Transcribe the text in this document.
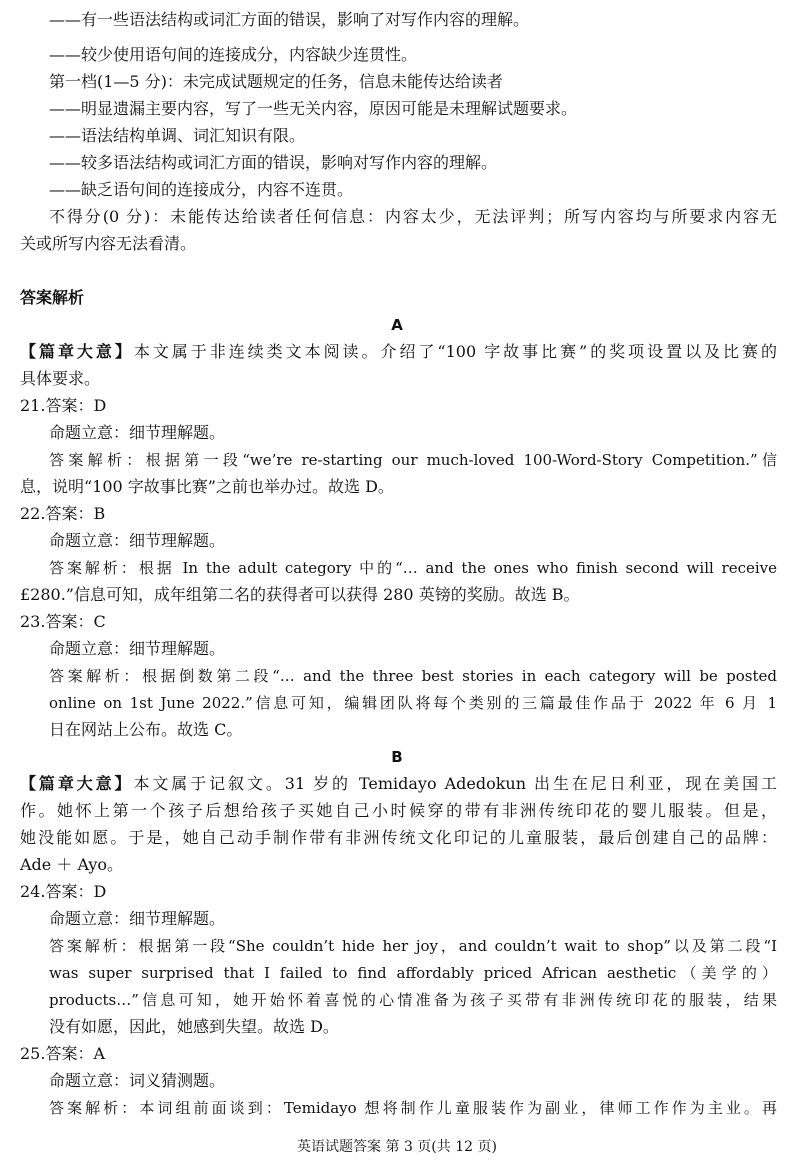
——有一些语法结构或词汇方面的错误，影响了对写作内容的理解。
——较少使用语句间的连接成分，内容缺少连贯性。
第一档(1—5 分)：未完成试题规定的任务，信息未能传达给读者
——明显遗漏主要内容，写了一些无关内容，原因可能是未理解试题要求。
——语法结构单调、词汇知识有限。
——较多语法结构或词汇方面的错误，影响对写作内容的理解。
——缺乏语句间的连接成分，内容不连贯。
不得分(0 分)：未能传达给读者任何信息：内容太少，无法评判；所写内容均与所要求内容无
关或所写内容无法看清。
答案解析
A
【篇章大意】本文属于非连续类文本阅读。介绍了“100 字故事比赛”的奖项设置以及比赛的
具体要求。
21.答案：D
命题立意：细节理解题。
答案解析：根据第一段“we’re re-starting our much-loved 100-Word-Story Competition.”信
息，说明“100 字故事比赛”之前也举办过。故选 D。
22.答案：B
命题立意：细节理解题。
答案解析：根据 In the adult category 中的“… and the ones who finish second will receive
£280.”信息可知，成年组第二名的获得者可以获得 280 英镑的奖励。故选 B。
23.答案：C
命题立意：细节理解题。
答案解析：根据倒数第二段“… and the three best stories in each category will be posted
online on 1st June 2022.”信息可知，编辑团队将每个类别的三篇最佳作品于 2022 年 6 月 1
日在网站上公布。故选 C。
B
【篇章大意】本文属于记叙文。31 岁的 Temidayo Adedokun 出生在尼日利亚，现在美国工
作。她怀上第一个孩子后想给孩子买她自己小时候穿的带有非洲传统印花的婴儿服装。但是，
她没能如愿。于是，她自己动手制作带有非洲传统文化印记的儿童服装，最后创建自己的品牌：
Ade ＋ Ayo。
24.答案：D
命题立意：细节理解题。
答案解析：根据第一段“She couldn’t hide her joy，and couldn’t wait to shop”以及第二段“I
was super surprised that I failed to find affordably priced African aesthetic（美学的）
products…”信息可知，她开始怀着喜悦的心情准备为孩子买带有非洲传统印花的服装，结果
没有如愿，因此，她感到失望。故选 D。
25.答案：A
命题立意：词义猜测题。
答案解析：本词组前面谈到：Temidayo 想将制作儿童服装作为副业，律师工作作为主业。再
英语试题答案 第 3 页(共 12 页)
